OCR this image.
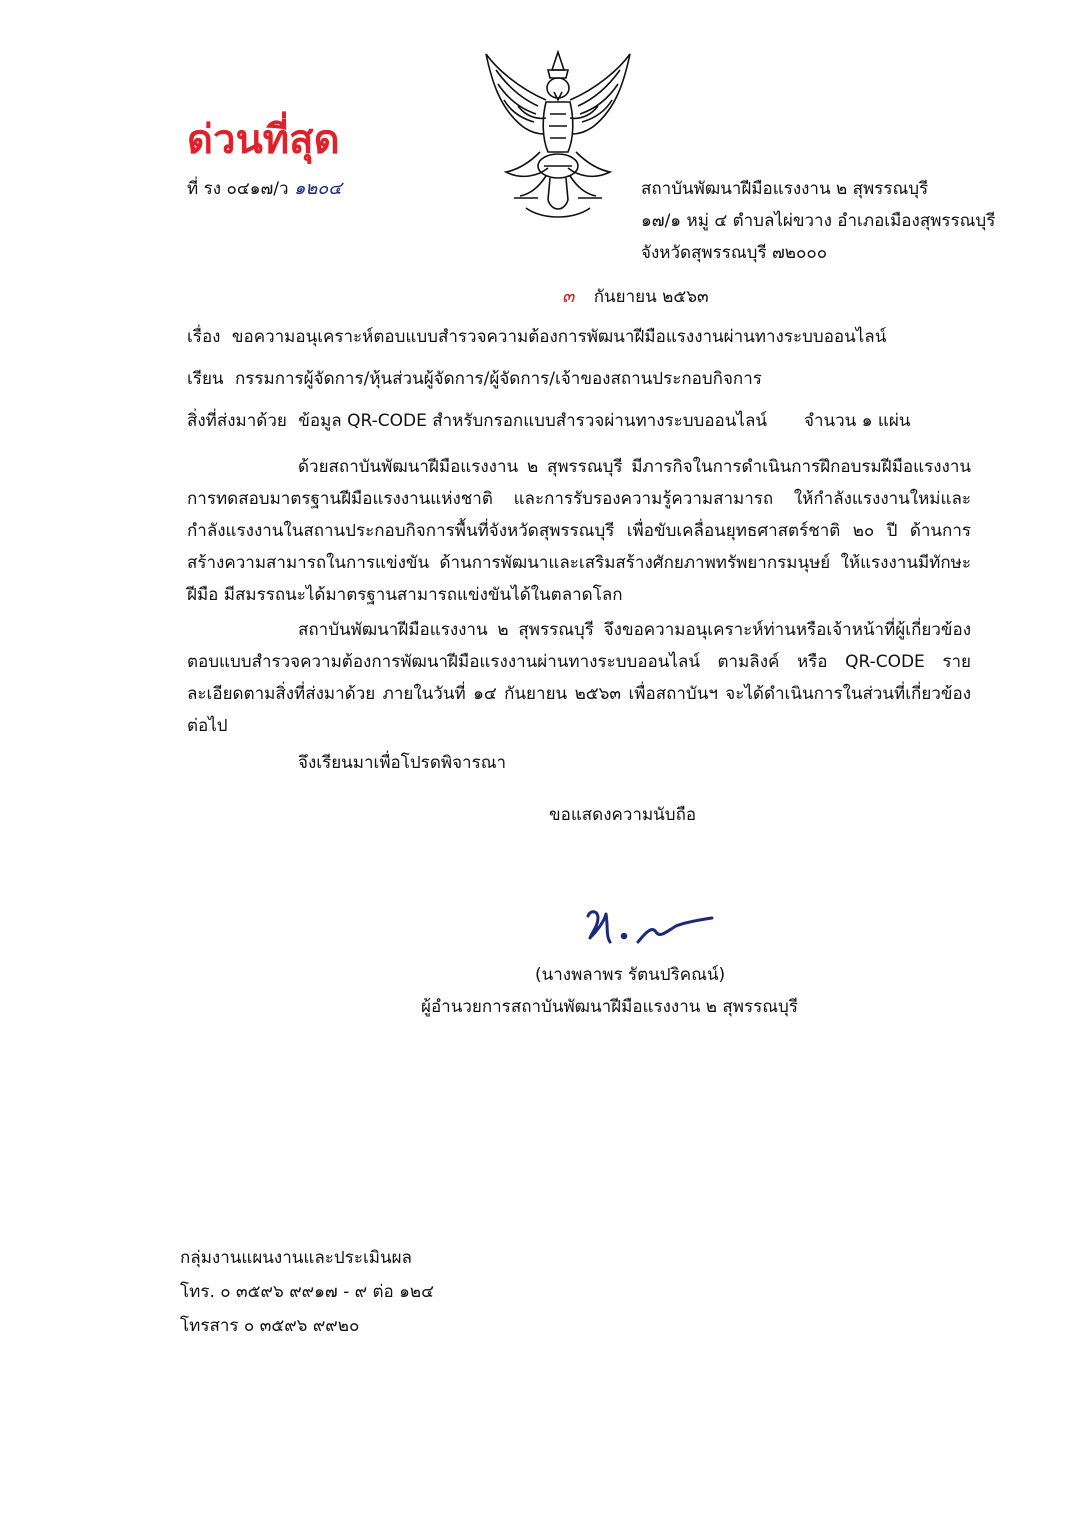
ด่วนที่สุด
ที่ รง ๐๔๑๗/ว ๑๒๐๔	สถาบันพัฒนาฝีมือแรงงาน ๒ สุพรรณบุรี
๑๗/๑ หมู่ ๔ ตำบลไผ่ขวาง อำเภอเมืองสุพรรณบุรี
จังหวัดสุพรรณบุรี ๗๒๐๐๐
๓ กันยายน ๒๕๖๓
เรื่อง ขอความอนุเคราะห์ตอบแบบสำรวจความต้องการพัฒนาฝีมือแรงงานผ่านทางระบบออนไลน์
เรียน กรรมการผู้จัดการ/หุ้นส่วนผู้จัดการ/ผู้จัดการ/เจ้าของสถานประกอบกิจการ
สิ่งที่ส่งมาด้วย ข้อมูล QR-CODE สำหรับกรอกแบบสำรวจผ่านทางระบบออนไลน์ จำนวน ๑ แผ่น
ด้วยสถาบันพัฒนาฝีมือแรงงาน ๒ สุพรรณบุรี มีภารกิจในการดำเนินการฝึกอบรมฝีมือแรงงาน การทดสอบมาตรฐานฝีมือแรงงานแห่งชาติ และการรับรองความรู้ความสามารถ ให้กำลังแรงงานใหม่และกำลังแรงงานในสถานประกอบกิจการพื้นที่จังหวัดสุพรรณบุรี เพื่อขับเคลื่อนยุทธศาสตร์ชาติ ๒๐ ปี ด้านการสร้างความสามารถในการแข่งขัน ด้านการพัฒนาและเสริมสร้างศักยภาพทรัพยากรมนุษย์ ให้แรงงานมีทักษะฝีมือ มีสมรรถนะได้มาตรฐานสามารถแข่งขันได้ในตลาดโลก
สถาบันพัฒนาฝีมือแรงงาน ๒ สุพรรณบุรี จึงขอความอนุเคราะห์ท่านหรือเจ้าหน้าที่ผู้เกี่ยวข้อง ตอบแบบสำรวจความต้องการพัฒนาฝีมือแรงงานผ่านทางระบบออนไลน์ ตามลิงค์ หรือ QR-CODE รายละเอียดตามสิ่งที่ส่งมาด้วย ภายในวันที่ ๑๔ กันยายน ๒๕๖๓ เพื่อสถาบันฯ จะได้ดำเนินการในส่วนที่เกี่ยวข้องต่อไป
จึงเรียนมาเพื่อโปรดพิจารณา
ขอแสดงความนับถือ
(นางพลาพร รัตนปริคณน์)
ผู้อำนวยการสถาบันพัฒนาฝีมือแรงงาน ๒ สุพรรณบุรี
กลุ่มงานแผนงานและประเมินผล
โทร. ๐ ๓๕๙๖ ๙๙๑๗ - ๙ ต่อ ๑๒๔
โทรสาร ๐ ๓๕๙๖ ๙๙๒๐
